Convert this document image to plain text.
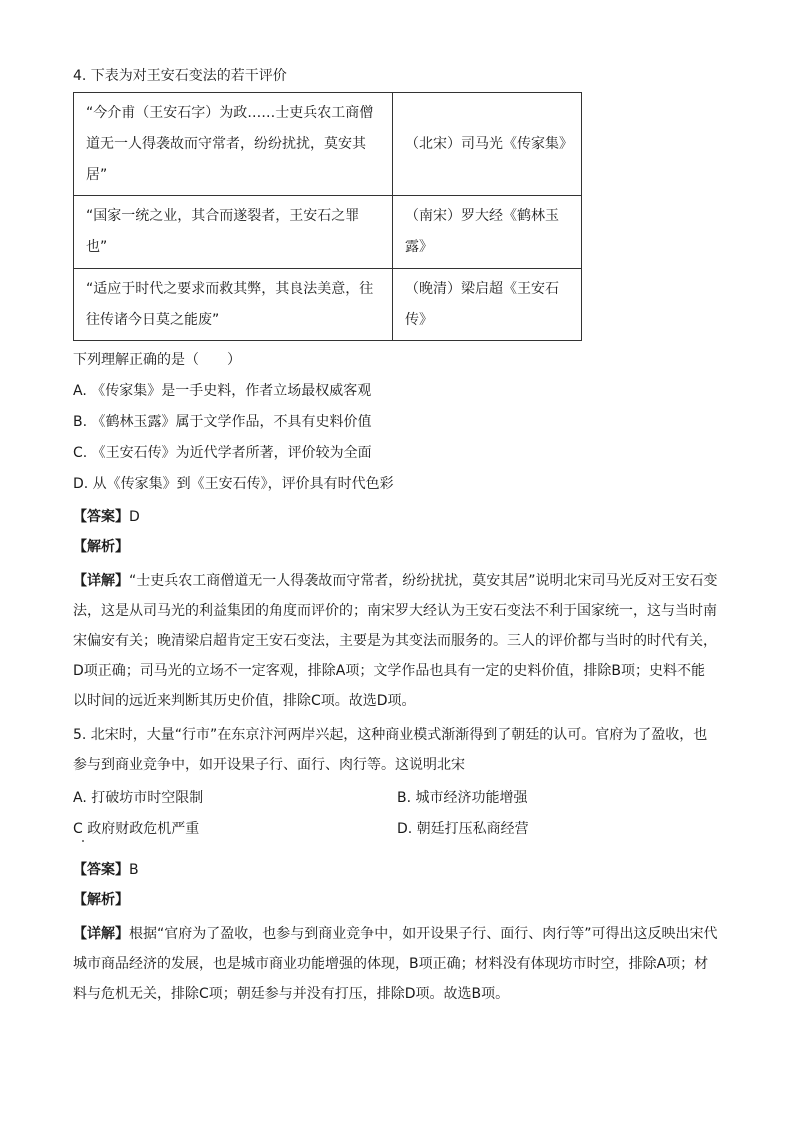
4. 下表为对王安石变法的若干评价

“今介甫（王安石字）为政……士吏兵农工商僧
道无一人得袭故而守常者，纷纷扰扰，莫安其
居”	（北宋）司马光《传家集》

“国家一统之业，其合而遂裂者，王安石之罪
也”	（南宋）罗大经《鹤林玉
露》

“适应于时代之要求而救其弊，其良法美意，往
往传诸今日莫之能废”	（晚清）梁启超《王安石
传》

下列理解正确的是（　　）

A. 《传家集》是一手史料，作者立场最权威客观

B. 《鹤林玉露》属于文学作品，不具有史料价值

C. 《王安石传》为近代学者所著，评价较为全面

D. 从《传家集》到《王安石传》，评价具有时代色彩

【答案】D

【解析】

【详解】“士吏兵农工商僧道无一人得袭故而守常者，纷纷扰扰，莫安其居”说明北宋司马光反对王安石变
法，这是从司马光的利益集团的角度而评价的；南宋罗大经认为王安石变法不利于国家统一，这与当时南
宋偏安有关；晚清梁启超肯定王安石变法，主要是为其变法而服务的。三人的评价都与当时的时代有关，
D项正确；司马光的立场不一定客观，排除A项；文学作品也具有一定的史料价值，排除B项；史料不能
以时间的远近来判断其历史价值，排除C项。故选D项。
5. 北宋时，大量“行市”在东京汴河两岸兴起，这种商业模式渐渐得到了朝廷的认可。官府为了盈收，也
参与到商业竞争中，如开设果子行、面行、肉行等。这说明北宋

A. 打破坊市时空限制	B. 城市经济功能增强

C 政府财政危机严重	D. 朝廷打压私商经营

【答案】B

【解析】

【详解】根据“官府为了盈收，也参与到商业竞争中，如开设果子行、面行、肉行等”可得出这反映出宋代
城市商品经济的发展，也是城市商业功能增强的体现，B项正确；材料没有体现坊市时空，排除A项；材
料与危机无关，排除C项；朝廷参与并没有打压，排除D项。故选B项。
